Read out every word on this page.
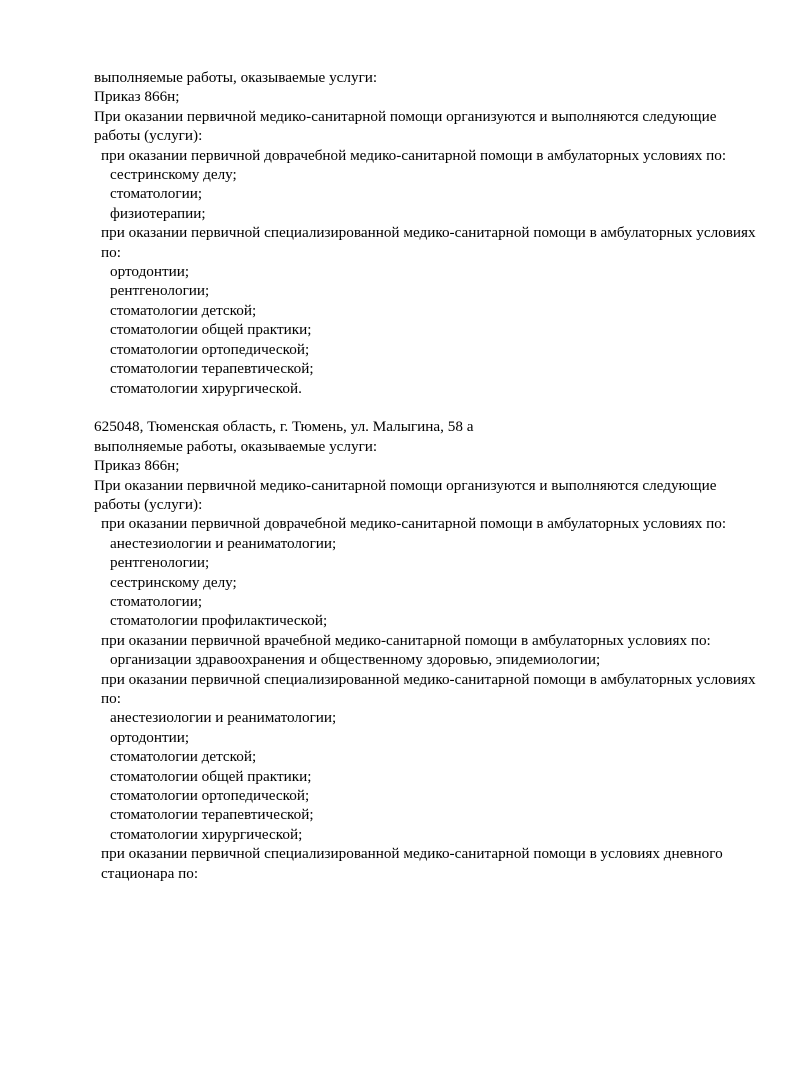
выполняемые работы, оказываемые услуги:

Приказ 866н;

При оказании первичной медико-санитарной помощи организуются и выполняются следующие работы (услуги):

при оказании первичной доврачебной медико-санитарной помощи в амбулаторных условиях по:

сестринскому делу;

стоматологии;

физиотерапии;

при оказании первичной специализированной медико-санитарной помощи в амбулаторных условиях по:

ортодонтии;

рентгенологии;

стоматологии детской;

стоматологии общей практики;

стоматологии ортопедической;

стоматологии терапевтической;

стоматологии хирургической.

625048, Тюменская область, г. Тюмень, ул. Малыгина, 58 а

выполняемые работы, оказываемые услуги:

Приказ 866н;

При оказании первичной медико-санитарной помощи организуются и выполняются следующие работы (услуги):

при оказании первичной доврачебной медико-санитарной помощи в амбулаторных условиях по:

анестезиологии и реаниматологии;

рентгенологии;

сестринскому делу;

стоматологии;

стоматологии профилактической;

при оказании первичной врачебной медико-санитарной помощи в амбулаторных условиях по:

организации здравоохранения и общественному здоровью, эпидемиологии;

при оказании первичной специализированной медико-санитарной помощи в амбулаторных условиях по:

анестезиологии и реаниматологии;

ортодонтии;

стоматологии детской;

стоматологии общей практики;

стоматологии ортопедической;

стоматологии терапевтической;

стоматологии хирургической;

при оказании первичной специализированной медико-санитарной помощи в условиях дневного стационара по:
